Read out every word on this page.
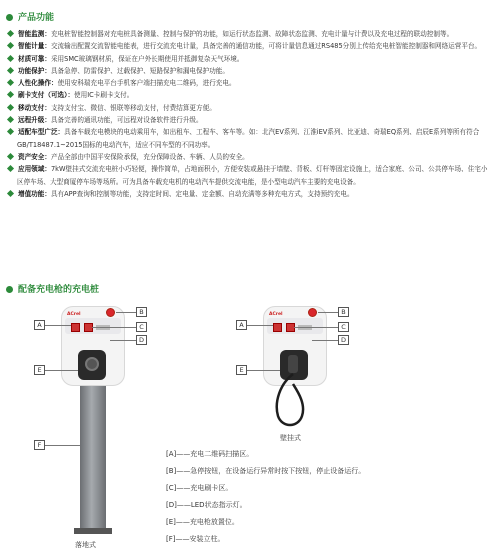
产品功能
智能监测：充电桩智能控制器对充电桩具备测量、控制与保护的功能，如运行状态监测、故障状态监测、充电计量与计费以及充电过程的联动控制等。
智能计量：交流输出配置交流智能电能表，进行交流充电计量，具备完善的通信功能，可将计量信息通过RS485分别上传给充电桩智能控制器和网络运营平台。
材质可靠：采用SMC玻璃钢材质，保证在户外长期使用并抵御复杂天气环境。
功能保护：具备急停、防雷保护、过载保护、短路保护和漏电保护功能。
人性化操作：使用安科瑞充电平台手机客户端扫描充电二维码，进行充电。
刷卡支付（可选）：使用IC卡刷卡支付。
移动支付：支持支付宝、微信、银联等移动支付，付费结算更方便。
远程升级：具备完善的通讯功能，可远程对设备软件进行升级。
适配车型广泛：具备车载充电模块的电动乘用车，如出租车、工程车、客车等。如：北汽EV系列、江淮iEV系列、比亚迪、奇瑞EQ系列、启辰E系列等所有符合GB/T18487.1~2015国标的电动汽车，适应不同车型的不同功率。
资产安全：产品全部由中国平安保险承保，充分保障设备、车辆、人员的安全。
应用领域：7kW壁挂式交流充电桩小巧轻便，操作简单，占地面积小，方便安装或悬挂于墙壁、背板、灯杆等固定设施上，适合家庭、公司、公共停车场、住宅小区停车场、大型商厦停车场等场所。可为具备车载充电机的电动汽车提供交流电能，是小型电动汽车主要的充电设备。
增值功能：具有APP查询和控制等功能，支持定时间、定电量、定金额、自动充满等多种充电方式，支持预约充电。
配备充电枪的充电桩
ACrel
落地式
B
C
D
A
E
F
ACrel
壁挂式
B
C
D
A
E
[A]——充电二维码扫描区。
[B]——急停按钮，在设备运行异常时按下按钮，停止设备运行。
[C]——充电刷卡区。
[D]——LED状态指示灯。
[E]——充电枪放置位。
[F]——安装立柱。
